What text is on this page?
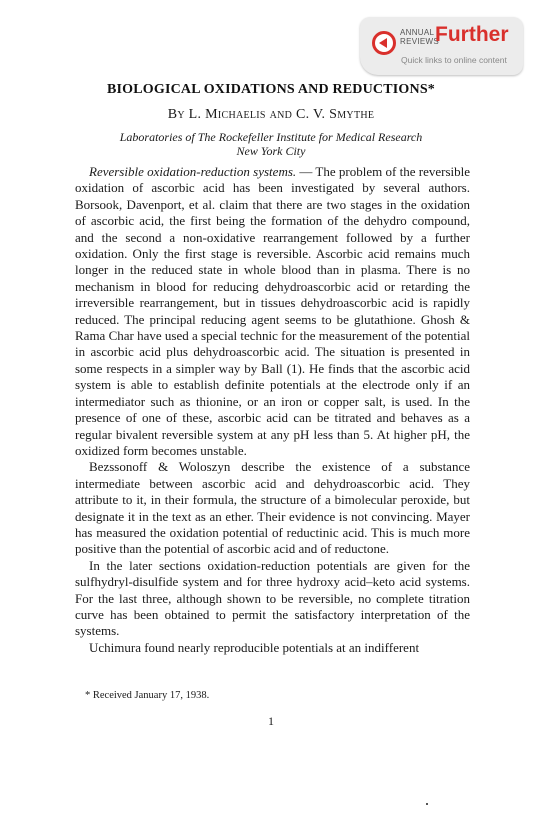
ANNUAL REVIEWS
Further
Quick links to online content
BIOLOGICAL OXIDATIONS AND REDUCTIONS*
By L. Michaelis and C. V. Smythe
Laboratories of The Rockefeller Institute for Medical Research
New York City

Reversible oxidation-reduction systems. — The problem of the reversible oxidation of ascorbic acid has been investigated by several authors. Borsook, Davenport, et al. claim that there are two stages in the oxidation of ascorbic acid, the first being the formation of the dehydro compound, and the second a non-oxidative rearrangement followed by a further oxidation. Only the first stage is reversible. Ascorbic acid remains much longer in the reduced state in whole blood than in plasma. There is no mechanism in blood for reducing dehydroascorbic acid or retarding the irreversible rearrangement, but in tissues dehydroascorbic acid is rapidly reduced. The principal reducing agent seems to be glutathione. Ghosh & Rama Char have used a special technic for the measurement of the potential in ascorbic acid plus dehydroascorbic acid. The situation is presented in some respects in a simpler way by Ball (1). He finds that the ascorbic acid system is able to establish definite potentials at the electrode only if an intermediator such as thionine, or an iron or copper salt, is used. In the presence of one of these, ascorbic acid can be titrated and behaves as a regular bivalent reversible system at any pH less than 5. At higher pH, the oxidized form becomes unstable.

Bezssonoff & Woloszyn describe the existence of a substance intermediate between ascorbic acid and dehydroascorbic acid. They attribute to it, in their formula, the structure of a bimolecular peroxide, but designate it in the text as an ether. Their evidence is not convincing. Mayer has measured the oxidation potential of reductinic acid. This is much more positive than the potential of ascorbic acid and of reductone.

In the later sections oxidation-reduction potentials are given for the sulfhydryl-disulfide system and for three hydroxy acid–keto acid systems. For the last three, although shown to be reversible, no complete titration curve has been obtained to permit the satisfactory interpretation of the systems.

Uchimura found nearly reproducible potentials at an indifferent

* Received January 17, 1938.
1
